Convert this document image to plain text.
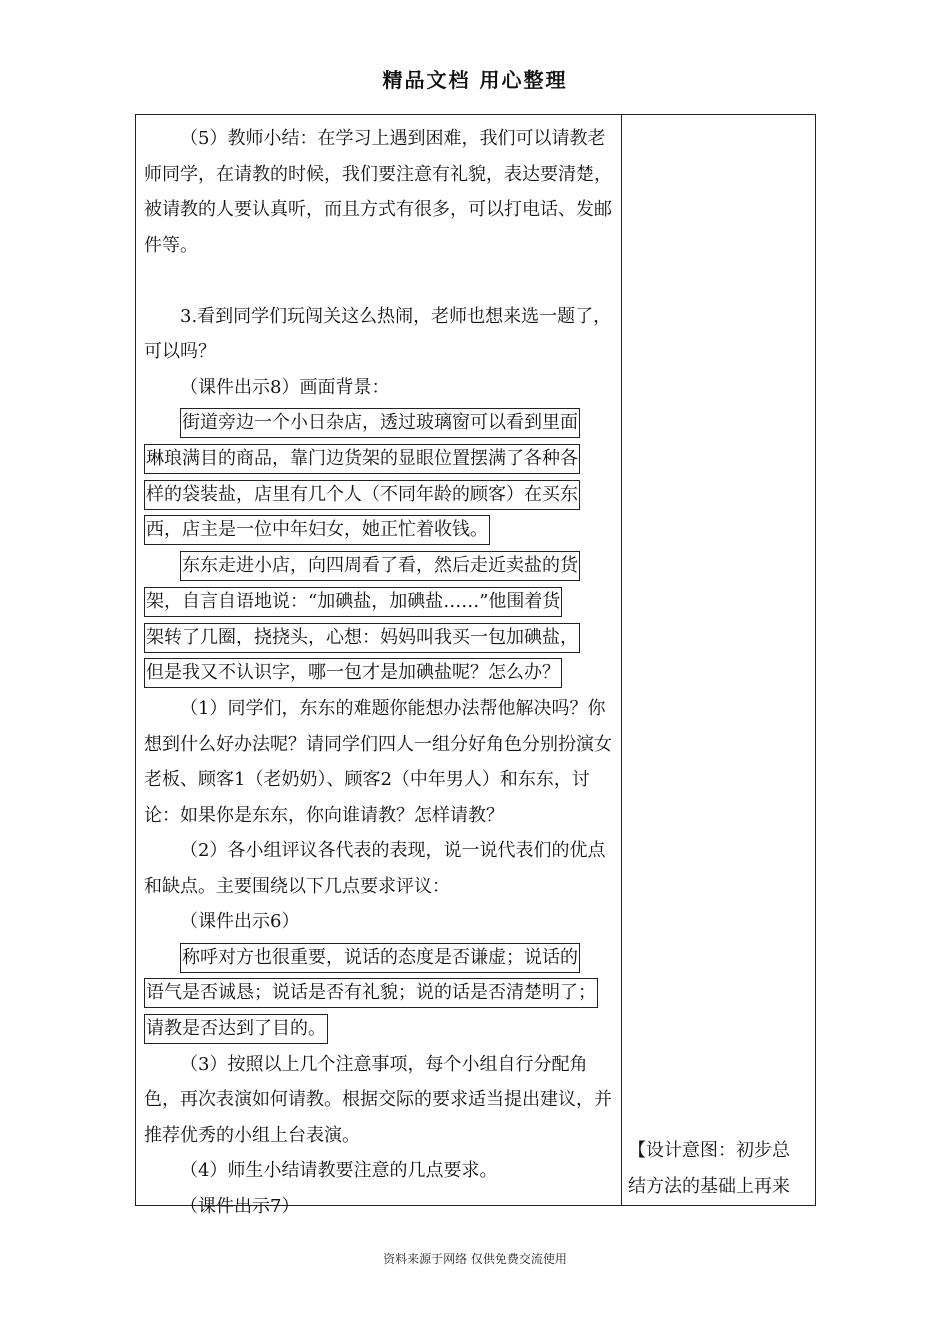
精品文档 用心整理

（5）教师小结：在学习上遇到困难，我们可以请教老师同学，在请教的时候，我们要注意有礼貌，表达要清楚，被请教的人要认真听，而且方式有很多，可以打电话、发邮件等。

3.看到同学们玩闯关这么热闹，老师也想来选一题了，可以吗？

（课件出示8）画面背景：

街道旁边一个小日杂店，透过玻璃窗可以看到里面
琳琅满目的商品，靠门边货架的显眼位置摆满了各种各
样的袋装盐，店里有几个人（不同年龄的顾客）在买东
西，店主是一位中年妇女，她正忙着收钱。
东东走进小店，向四周看了看，然后走近卖盐的货
架，自言自语地说：“加碘盐，加碘盐……”他围着货
架转了几圈，挠挠头，心想：妈妈叫我买一包加碘盐，
但是我又不认识字，哪一包才是加碘盐呢？怎么办？

（1）同学们，东东的难题你能想办法帮他解决吗？你想到什么好办法呢？请同学们四人一组分好角色分别扮演女老板、顾客1（老奶奶）、顾客2（中年男人）和东东，讨论：如果你是东东，你向谁请教？怎样请教？

（2）各小组评议各代表的表现，说一说代表们的优点和缺点。主要围绕以下几点要求评议：

（课件出示6）

称呼对方也很重要，说话的态度是否谦虚；说话的
语气是否诚恳；说话是否有礼貌；说的话是否清楚明了；
请教是否达到了目的。

（3）按照以上几个注意事项，每个小组自行分配角色，再次表演如何请教。根据交际的要求适当提出建议，并推荐优秀的小组上台表演。

（4）师生小结请教要注意的几点要求。

（课件出示7）

【设计意图：初步总
结方法的基础上再来
资料来源于网络 仅供免费交流使用
